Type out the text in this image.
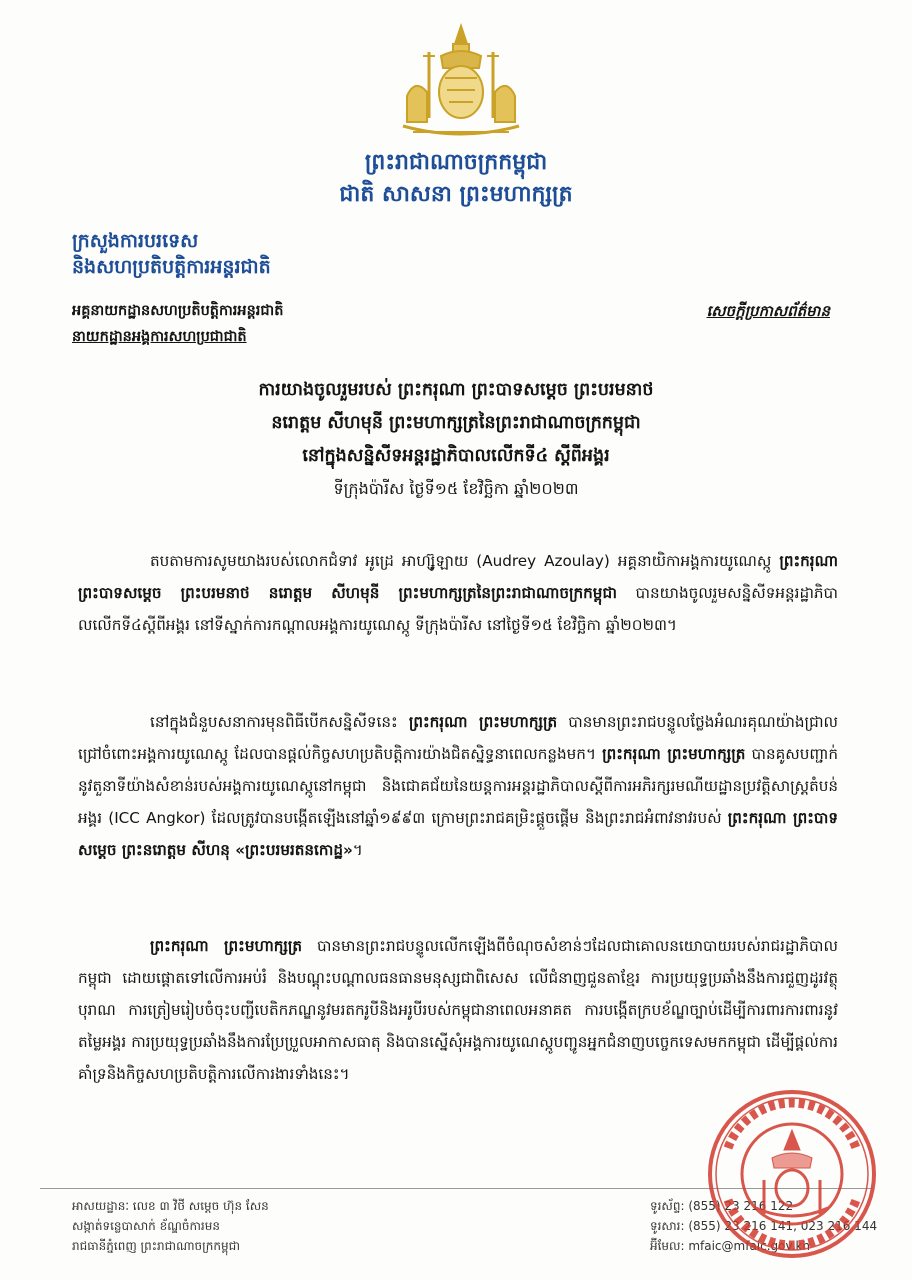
ព្រះរាជាណាចក្រកម្ពុជា
ជាតិ សាសនា ព្រះមហាក្សត្រ
ក្រសួងការបរទេស
និងសហប្រតិបត្តិការអន្តរជាតិ
អគ្គនាយកដ្ឋានសហប្រតិបត្តិការអន្តរជាតិ
នាយកដ្ឋានអង្គការសហប្រជាជាតិ
សេចក្តីប្រកាសព័ត៌មាន
ការយាងចូលរួមរបស់ ព្រះករុណា ព្រះបាទសម្តេច ព្រះបរមនាថ
នរោត្តម សីហមុនី ព្រះមហាក្សត្រនៃព្រះរាជាណាចក្រកម្ពុជា
នៅក្នុងសន្និសីទអន្តរដ្ឋាភិបាលលើកទី៤ ស្តីពីអង្គរ
ទីក្រុងប៉ារីស ថ្ងៃទី១៥ ខែវិច្ឆិកា ឆ្នាំ២០២៣

តបតាមការសូមយាងរបស់លោកជំទាវ អូដ្រេ អាហ្ស៊ូឡាយ (Audrey Azoulay) អគ្គនាយិកាអង្គការយូណេស្កូ ព្រះករុណា ព្រះបាទសម្តេច ព្រះបរមនាថ នរោត្តម សីហមុនី ព្រះមហាក្សត្រនៃព្រះរាជាណាចក្រកម្ពុជា បានយាងចូលរួមសន្និសីទអន្តរដ្ឋាភិបាលលើកទី៤ស្តីពីអង្គរ នៅទីស្នាក់ការកណ្តាលអង្គការយូណេស្កូ ទីក្រុងប៉ារីស នៅថ្ងៃទី១៥ ខែវិច្ឆិកា ឆ្នាំ២០២៣។

នៅក្នុងជំនួបសនាការមុនពិធីបើកសន្និសីទនេះ ព្រះករុណា ព្រះមហាក្សត្រ បានមានព្រះរាជបន្ទូលថ្លែងអំណរគុណយ៉ាងជ្រាលជ្រៅចំពោះអង្គការយូណេស្កូ ដែលបានផ្តល់កិច្ចសហប្រតិបត្តិការយ៉ាងជិតស្និទ្ធនាពេលកន្លងមក។ ព្រះករុណា ព្រះមហាក្សត្រ បានគូសបញ្ជាក់នូវតួនាទីយ៉ាងសំខាន់របស់អង្គការយូណេស្កូនៅកម្ពុជា និងជោគជ័យនៃយន្តការអន្តរដ្ឋាភិបាលស្តីពីការអភិរក្សរមណីយដ្ឋានប្រវត្តិសាស្ត្រតំបន់អង្គរ (ICC Angkor) ដែលត្រូវបានបង្កើតឡើងនៅឆ្នាំ១៩៩៣ ក្រោមព្រះរាជគម្រិះផ្តួចផ្តើម និងព្រះរាជអំពាវនាវរបស់ ព្រះករុណា ព្រះបាទសម្តេច ព្រះនរោត្តម សីហនុ «ព្រះបរមរតនកោដ្ឋ»។

ព្រះករុណា ព្រះមហាក្សត្រ បានមានព្រះរាជបន្ទូលលើកឡើងពីចំណុចសំខាន់ៗដែលជាគោលនយោបាយរបស់រាជរដ្ឋាភិបាលកម្ពុជា ដោយផ្តោតទៅលើការអប់រំ និងបណ្តុះបណ្តាលធនធានមនុស្សជាពិសេស លើជំនាញជួនតាខ្មែរ ការប្រយុទ្ធប្រឆាំងនឹងការជួញដូរវត្ថុបុរាណ ការត្រៀមរៀបចំចុះបញ្ជីបេតិកភណ្ឌនូវមរតករូបីនិងអរូបីរបស់កម្ពុជានាពេលអនាគត ការបង្កើតក្របខ័ណ្ឌច្បាប់ដើម្បីការពារការពារនូវតម្លៃអង្គរ ការប្រយុទ្ធប្រឆាំងនឹងការប្រែប្រួលអាកាសធាតុ និងបានស្នើសុំអង្គការយូណេស្កូបញ្ជូនអ្នកជំនាញបច្ចេកទេសមកកម្ពុជា ដើម្បីផ្តល់ការគាំទ្រនិងកិច្ចសហប្រតិបត្តិការលើការងារទាំងនេះ។

អាសយដ្ឋានៈ លេខ ៣ វិថី សម្តេច ហ៊ុន សែន
សង្កាត់ទន្លេបាសាក់ ខ័ណ្ឌចំការមន
រាជធានីភ្នំពេញ ព្រះរាជាណាចក្រកម្ពុជា
ទូរស័ព្ទ: (855) 23 216 122
ទូរសារ: (855) 23 216 141, 023 216 144
អ៊ីមែល: mfaic@mfaic.gov.kh
